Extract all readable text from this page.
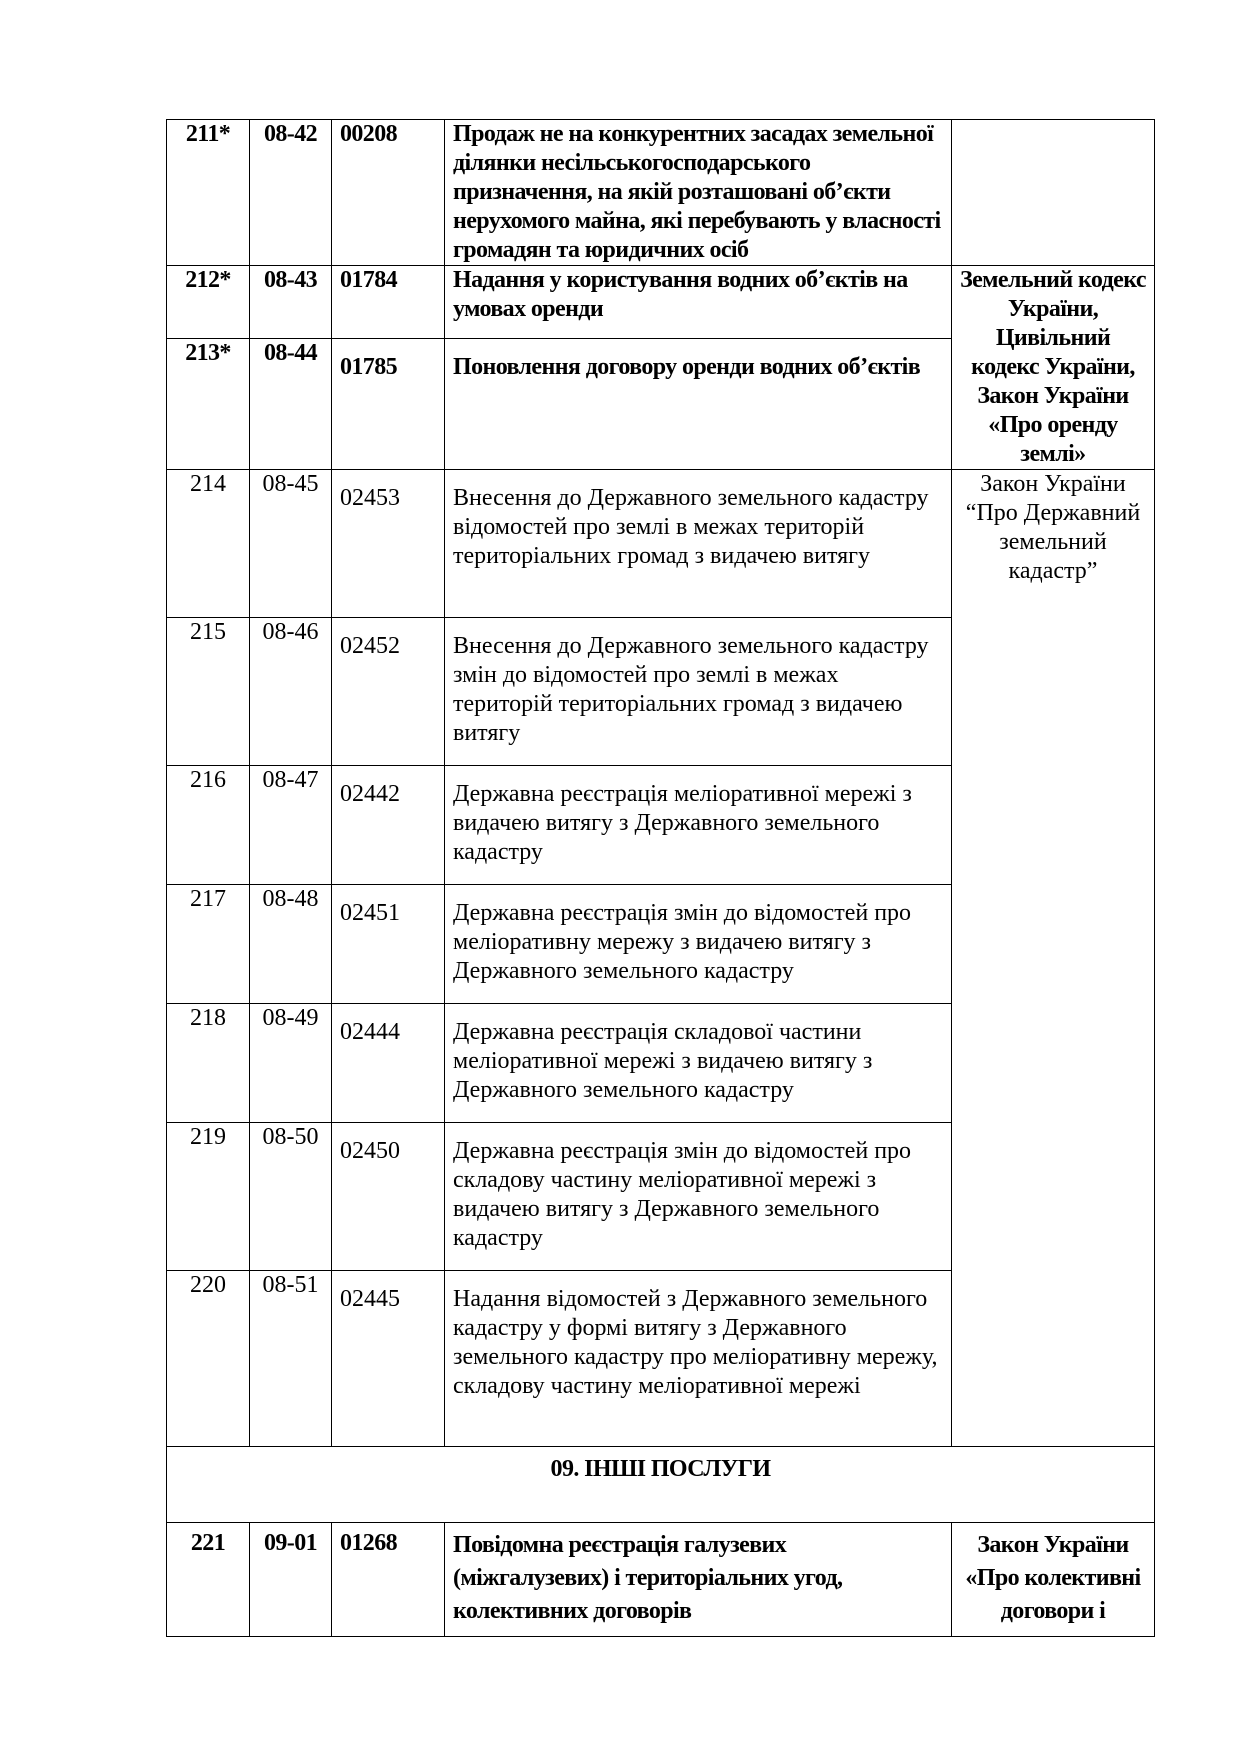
211*	08-42	00208	Продаж не на конкурентних засадах земельної ділянки несільськогосподарського призначення, на якій розташовані об’єкти нерухомого майна, які перебувають у власності громадян та юридичних осіб	
212*	08-43	01784	Надання у користування водних об’єктів на умовах оренди	Земельний кодекс України, Цивільний кодекс України, Закон України «Про оренду землі»
213*	08-44	01785	Поновлення договору оренди водних об’єктів	
214	08-45	02453	Внесення до Державного земельного кадастру відомостей про землі в межах територій територіальних громад з видачею витягу	Закон України “Про Державний земельний кадастр”
215	08-46	02452	Внесення до Державного земельного кадастру змін до відомостей про землі в межах територій територіальних громад з видачею витягу	
216	08-47	02442	Державна реєстрація меліоративної мережі з видачею витягу з Державного земельного кадастру	
217	08-48	02451	Державна реєстрація змін до відомостей про меліоративну мережу з видачею витягу з Державного земельного кадастру	
218	08-49	02444	Державна реєстрація складової частини меліоративної мережі з видачею витягу з Державного земельного кадастру	
219	08-50	02450	Державна реєстрація змін до відомостей про складову частину меліоративної мережі з видачею витягу з Державного земельного кадастру	
220	08-51	02445	Надання відомостей з Державного земельного кадастру у формі витягу з Державного земельного кадастру про меліоративну мережу, складову частину меліоративної мережі	
09. ІНШІ ПОСЛУГИ				
221	09-01	01268	Повідомна реєстрація галузевих (міжгалузевих) і територіальних угод, колективних договорів	Закон України «Про колективні договори і
